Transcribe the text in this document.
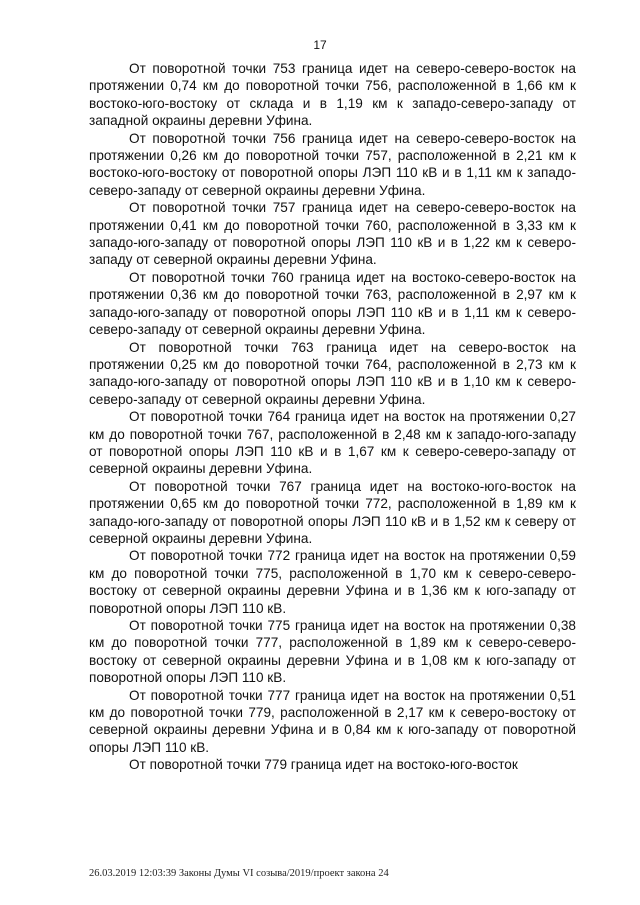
17

От поворотной точки 753 граница идет на северо-северо-восток на протяжении 0,74 км до поворотной точки 756, расположенной в 1,66 км к востоко-юго-востоку от склада и в 1,19 км к западо-северо-западу от западной окраины деревни Уфина.

От поворотной точки 756 граница идет на северо-северо-восток на протяжении 0,26 км до поворотной точки 757, расположенной в 2,21 км к востоко-юго-востоку от поворотной опоры ЛЭП 110 кВ и в 1,11 км к западо-северо-западу от северной окраины деревни Уфина.

От поворотной точки 757 граница идет на северо-северо-восток на протяжении 0,41 км до поворотной точки 760, расположенной в 3,33 км к западо-юго-западу от поворотной опоры ЛЭП 110 кВ и в 1,22 км к северо-западу от северной окраины деревни Уфина.

От поворотной точки 760 граница идет на востоко-северо-восток на протяжении 0,36 км до поворотной точки 763, расположенной в 2,97 км к западо-юго-западу от поворотной опоры ЛЭП 110 кВ и в 1,11 км к северо-северо-западу от северной окраины деревни Уфина.

От поворотной точки 763 граница идет на северо-восток на протяжении 0,25 км до поворотной точки 764, расположенной в 2,73 км к западо-юго-западу от поворотной опоры ЛЭП 110 кВ и в 1,10 км к северо-северо-западу от северной окраины деревни Уфина.

От поворотной точки 764 граница идет на восток на протяжении 0,27 км до поворотной точки 767, расположенной в 2,48 км к западо-юго-западу от поворотной опоры ЛЭП 110 кВ и в 1,67 км к северо-северо-западу от северной окраины деревни Уфина.

От поворотной точки 767 граница идет на востоко-юго-восток на протяжении 0,65 км до поворотной точки 772, расположенной в 1,89 км к западо-юго-западу от поворотной опоры ЛЭП 110 кВ и в 1,52 км к северу от северной окраины деревни Уфина.

От поворотной точки 772 граница идет на восток на протяжении 0,59 км до поворотной точки 775, расположенной в 1,70 км к северо-северо-востоку от северной окраины деревни Уфина и в 1,36 км к юго-западу от поворотной опоры ЛЭП 110 кВ.

От поворотной точки 775 граница идет на восток на протяжении 0,38 км до поворотной точки 777, расположенной в 1,89 км к северо-северо-востоку от северной окраины деревни Уфина и в 1,08 км к юго-западу от поворотной опоры ЛЭП 110 кВ.

От поворотной точки 777 граница идет на восток на протяжении 0,51 км до поворотной точки 779, расположенной в 2,17 км к северо-востоку от северной окраины деревни Уфина и в 0,84 км к юго-западу от поворотной опоры ЛЭП 110 кВ.

От поворотной точки 779 граница идет на востоко-юго-восток

26.03.2019 12:03:39 Законы Думы VI созыва/2019/проект закона 24
